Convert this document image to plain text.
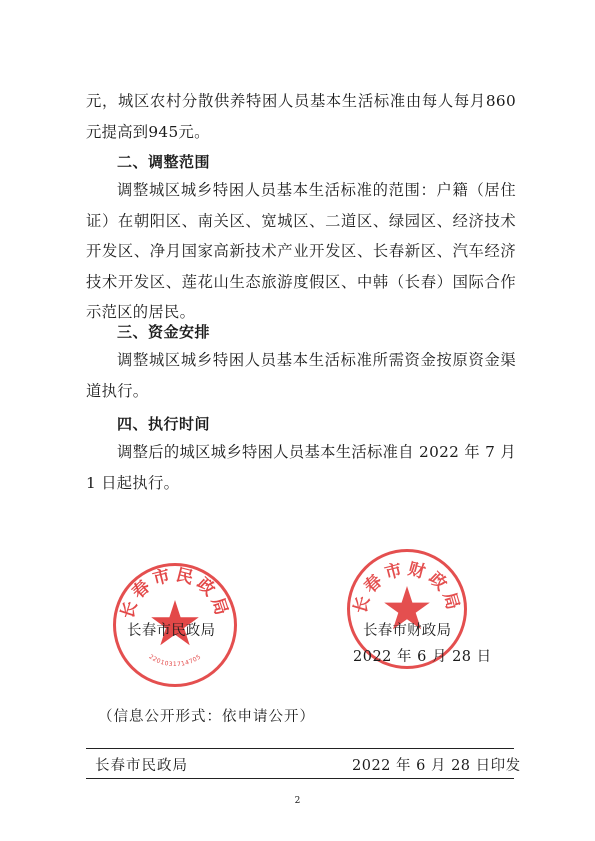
元，城区农村分散供养特困人员基本生活标准由每人每月860元提高到945元。

二、调整范围

调整城区城乡特困人员基本生活标准的范围：户籍（居住证）在朝阳区、南关区、宽城区、二道区、绿园区、经济技术开发区、净月国家高新技术产业开发区、长春新区、汽车经济技术开发区、莲花山生态旅游度假区、中韩（长春）国际合作示范区的居民。

三、资金安排

调整城区城乡特困人员基本生活标准所需资金按原资金渠道执行。

四、执行时间

调整后的城区城乡特困人员基本生活标准自 2022 年 7 月 1 日起执行。

长春市民政局
2201031714705
长春市财政局
长春市民政局	长春市财政局
2022 年 6 月 28 日
（信息公开形式：依申请公开）
长春市民政局	2022 年 6 月 28 日印发
2
